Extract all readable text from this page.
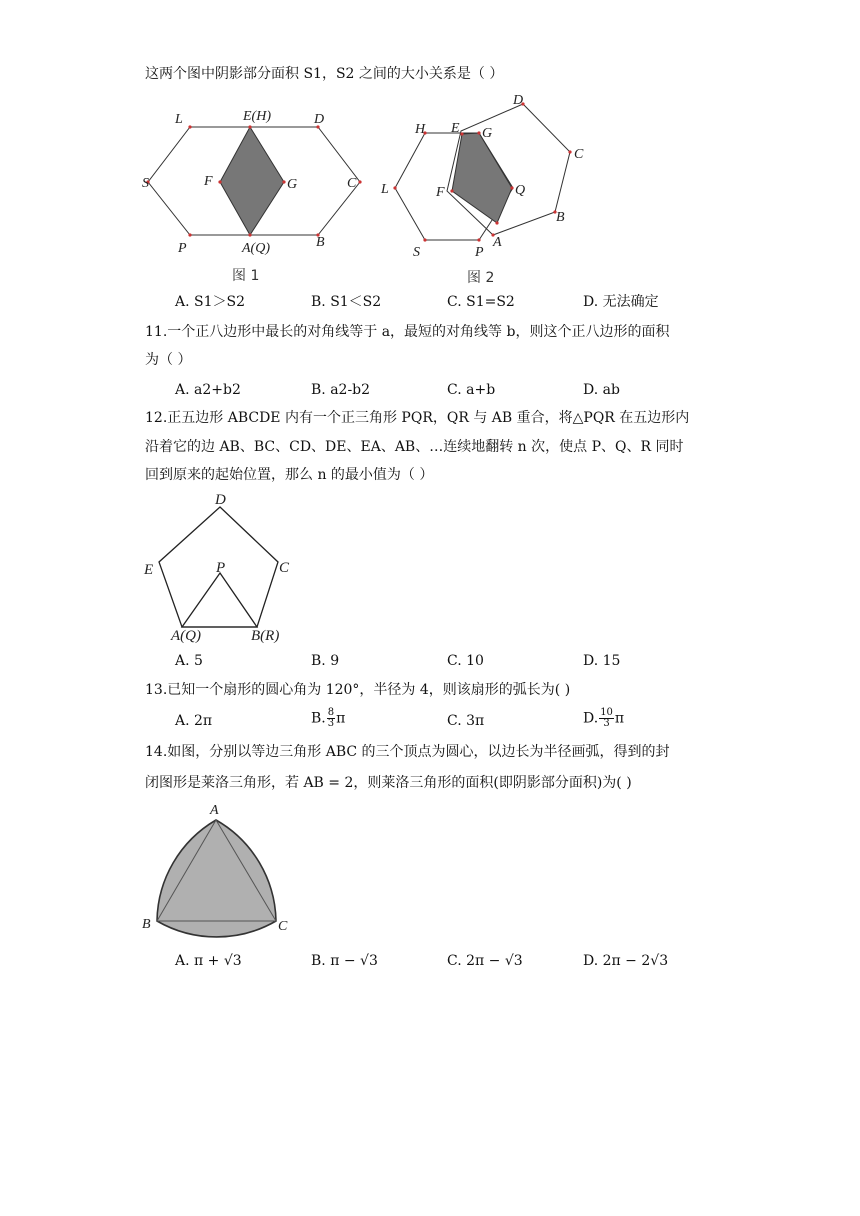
这两个图中阴影部分面积 S1，S2 之间的大小关系是（ ）
L	E(H)	D
S	F	G	C
P	A(Q)	B
图 1
H E G
D
C
L	F	Q
B
S	P
A
图 2
A. S1＞S2	B. S1＜S2	C. S1=S2	D. 无法确定
11.一个正八边形中最长的对角线等于 a，最短的对角线等 b，则这个正八边形的面积
为（ ）
A. a2+b2	B. a2-b2	C. a+b	D. ab
12.正五边形 ABCDE 内有一个正三角形 PQR，QR 与 AB 重合，将△PQR 在五边形内
沿着它的边 AB、BC、CD、DE、EA、AB、…连续地翻转 n 次，使点 P、Q、R 同时
回到原来的起始位置，那么 n 的最小值为（ ）
D
E	C
P
A(Q)	B(R)
A. 5	B. 9	C. 10	D. 15
13.已知一个扇形的圆心角为 120°，半径为 4，则该扇形的弧长为( )
A. 2π	B. $\frac{8}{3}$ π	C. 3π	D. $\frac{10}{3}$ π
14.如图，分别以等边三角形 ABC 的三个顶点为圆心，以边长为半径画弧，得到的封
闭图形是莱洛三角形，若 AB = 2，则莱洛三角形的面积(即阴影部分面积)为( )
A
B	C
A. π + √3	B. π − √3	C. 2π − √3	D. 2π − 2√3
